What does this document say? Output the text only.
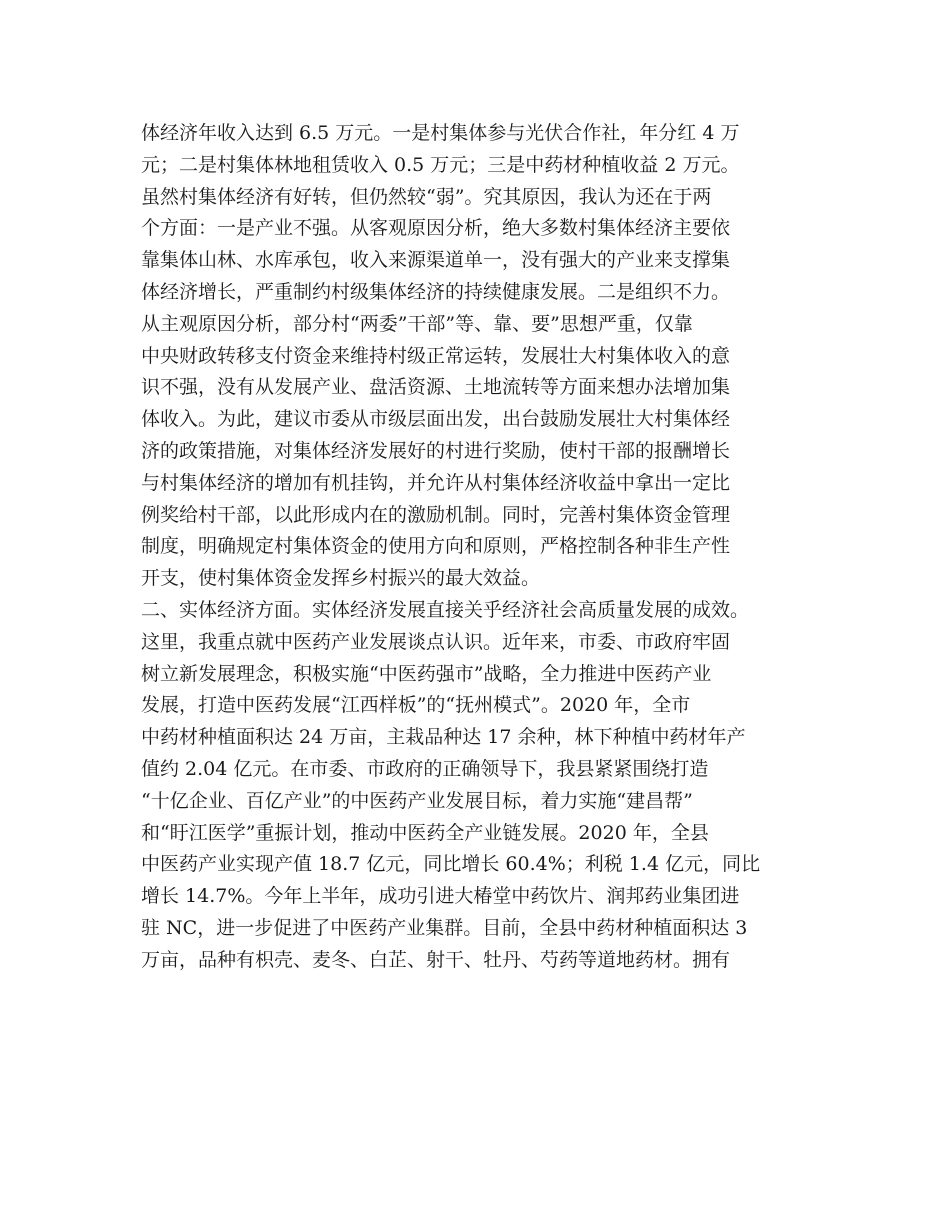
体经济年收入达到 6.5 万元。一是村集体参与光伏合作社，年分红 4 万
元；二是村集体林地租赁收入 0.5 万元；三是中药材种植收益 2 万元。
虽然村集体经济有好转，但仍然较“弱”。究其原因，我认为还在于两
个方面：一是产业不强。从客观原因分析，绝大多数村集体经济主要依
靠集体山林、水库承包，收入来源渠道单一，没有强大的产业来支撑集
体经济增长，严重制约村级集体经济的持续健康发展。二是组织不力。
从主观原因分析，部分村“两委”干部”等、靠、要”思想严重，仅靠
中央财政转移支付资金来维持村级正常运转，发展壮大村集体收入的意
识不强，没有从发展产业、盘活资源、土地流转等方面来想办法增加集
体收入。为此，建议市委从市级层面出发，出台鼓励发展壮大村集体经
济的政策措施，对集体经济发展好的村进行奖励，使村干部的报酬增长
与村集体经济的增加有机挂钩，并允许从村集体经济收益中拿出一定比
例奖给村干部，以此形成内在的激励机制。同时，完善村集体资金管理
制度，明确规定村集体资金的使用方向和原则，严格控制各种非生产性
开支，使村集体资金发挥乡村振兴的最大效益。
二、实体经济方面。实体经济发展直接关乎经济社会高质量发展的成效。
这里，我重点就中医药产业发展谈点认识。近年来，市委、市政府牢固
树立新发展理念，积极实施“中医药强市”战略，全力推进中医药产业
发展，打造中医药发展“江西样板”的“抚州模式”。2020 年，全市
中药材种植面积达 24 万亩，主栽品种达 17 余种，林下种植中药材年产
值约 2.04 亿元。在市委、市政府的正确领导下，我县紧紧围绕打造
“十亿企业、百亿产业”的中医药产业发展目标，着力实施“建昌帮”
和“盱江医学”重振计划，推动中医药全产业链发展。2020 年，全县
中医药产业实现产值 18.7 亿元，同比增长 60.4%；利税 1.4 亿元，同比
增长 14.7%。今年上半年，成功引进大椿堂中药饮片、润邦药业集团进
驻 NC，进一步促进了中医药产业集群。目前，全县中药材种植面积达 3
万亩，品种有枳壳、麦冬、白芷、射干、牡丹、芍药等道地药材。拥有
